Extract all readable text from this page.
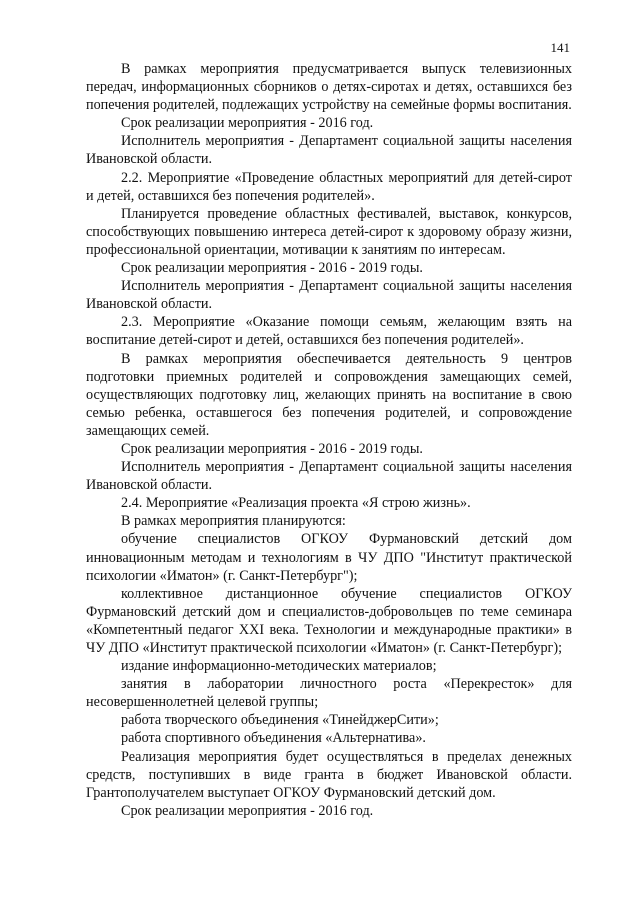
141

В рамках мероприятия предусматривается выпуск телевизионных передач, информационных сборников о детях-сиротах и детях, оставшихся без попечения родителей, подлежащих устройству на семейные формы воспитания.

Срок реализации мероприятия - 2016 год.

Исполнитель мероприятия - Департамент социальной защиты населения Ивановской области.

2.2. Мероприятие «Проведение областных мероприятий для детей-сирот и детей, оставшихся без попечения родителей».

Планируется проведение областных фестивалей, выставок, конкурсов, способствующих повышению интереса детей-сирот к здоровому образу жизни, профессиональной ориентации, мотивации к занятиям по интересам.

Срок реализации мероприятия - 2016 - 2019 годы.

Исполнитель мероприятия - Департамент социальной защиты населения Ивановской области.

2.3. Мероприятие «Оказание помощи семьям, желающим взять на воспитание детей-сирот и детей, оставшихся без попечения родителей».

В рамках мероприятия обеспечивается деятельность 9 центров подготовки приемных родителей и сопровождения замещающих семей, осуществляющих подготовку лиц, желающих принять на воспитание в свою семью ребенка, оставшегося без попечения родителей, и сопровождение замещающих семей.

Срок реализации мероприятия - 2016 - 2019 годы.

Исполнитель мероприятия - Департамент социальной защиты населения Ивановской области.

2.4. Мероприятие «Реализация проекта «Я строю жизнь».

В рамках мероприятия планируются:

обучение специалистов ОГКОУ Фурмановский детский дом инновационным методам и технологиям в ЧУ ДПО "Институт практической психологии «Иматон» (г. Санкт-Петербург");

коллективное дистанционное обучение специалистов ОГКОУ Фурмановский детский дом и специалистов-добровольцев по теме семинара «Компетентный педагог XXI века. Технологии и международные практики» в ЧУ ДПО «Институт практической психологии «Иматон» (г. Санкт-Петербург);

издание информационно-методических материалов;

занятия в лаборатории личностного роста «Перекресток» для несовершеннолетней целевой группы;

работа творческого объединения «ТинейджерСити»;

работа спортивного объединения «Альтернатива».

Реализация мероприятия будет осуществляться в пределах денежных средств, поступивших в виде гранта в бюджет Ивановской области. Грантополучателем выступает ОГКОУ Фурмановский детский дом.

Срок реализации мероприятия - 2016 год.
